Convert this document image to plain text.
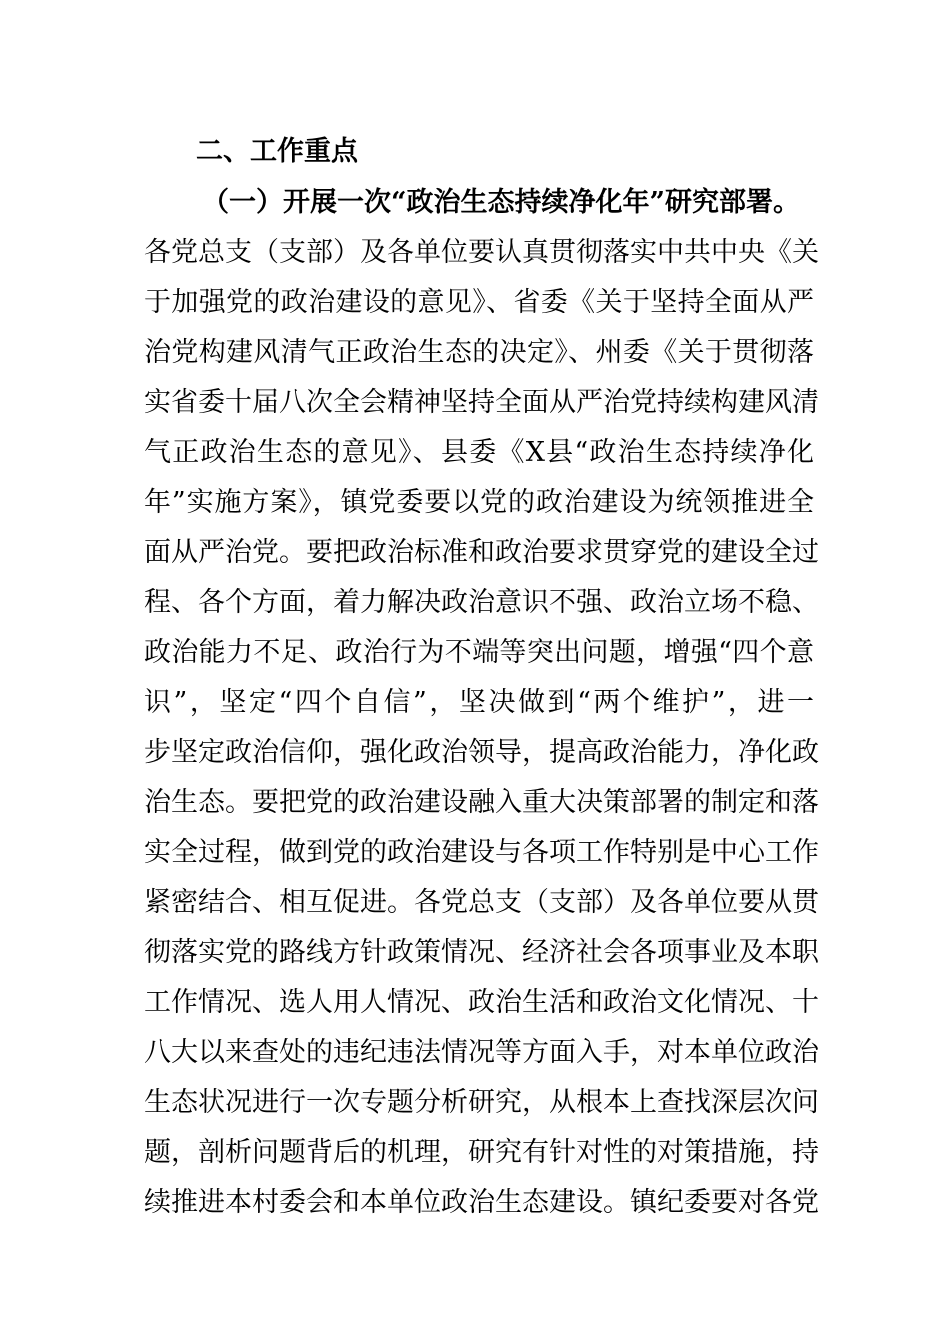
二、工作重点
（一）开展一次“政治生态持续净化年”研究部署。
各党总支（支部）及各单位要认真贯彻落实中共中央《关
于加强党的政治建设的意见》、省委《关于坚持全面从严
治党构建风清气正政治生态的决定》、州委《关于贯彻落
实省委十届八次全会精神坚持全面从严治党持续构建风清
气正政治生态的意见》、县委《X县“政治生态持续净化
年”实施方案》，镇党委要以党的政治建设为统领推进全
面从严治党。要把政治标准和政治要求贯穿党的建设全过
程、各个方面，着力解决政治意识不强、政治立场不稳、
政治能力不足、政治行为不端等突出问题，增强“四个意
识”，坚定“四个自信”，坚决做到“两个维护”，进一
步坚定政治信仰，强化政治领导，提高政治能力，净化政
治生态。要把党的政治建设融入重大决策部署的制定和落
实全过程，做到党的政治建设与各项工作特别是中心工作
紧密结合、相互促进。各党总支（支部）及各单位要从贯
彻落实党的路线方针政策情况、经济社会各项事业及本职
工作情况、选人用人情况、政治生活和政治文化情况、十
八大以来查处的违纪违法情况等方面入手，对本单位政治
生态状况进行一次专题分析研究，从根本上查找深层次问
题，剖析问题背后的机理，研究有针对性的对策措施，持
续推进本村委会和本单位政治生态建设。镇纪委要对各党
